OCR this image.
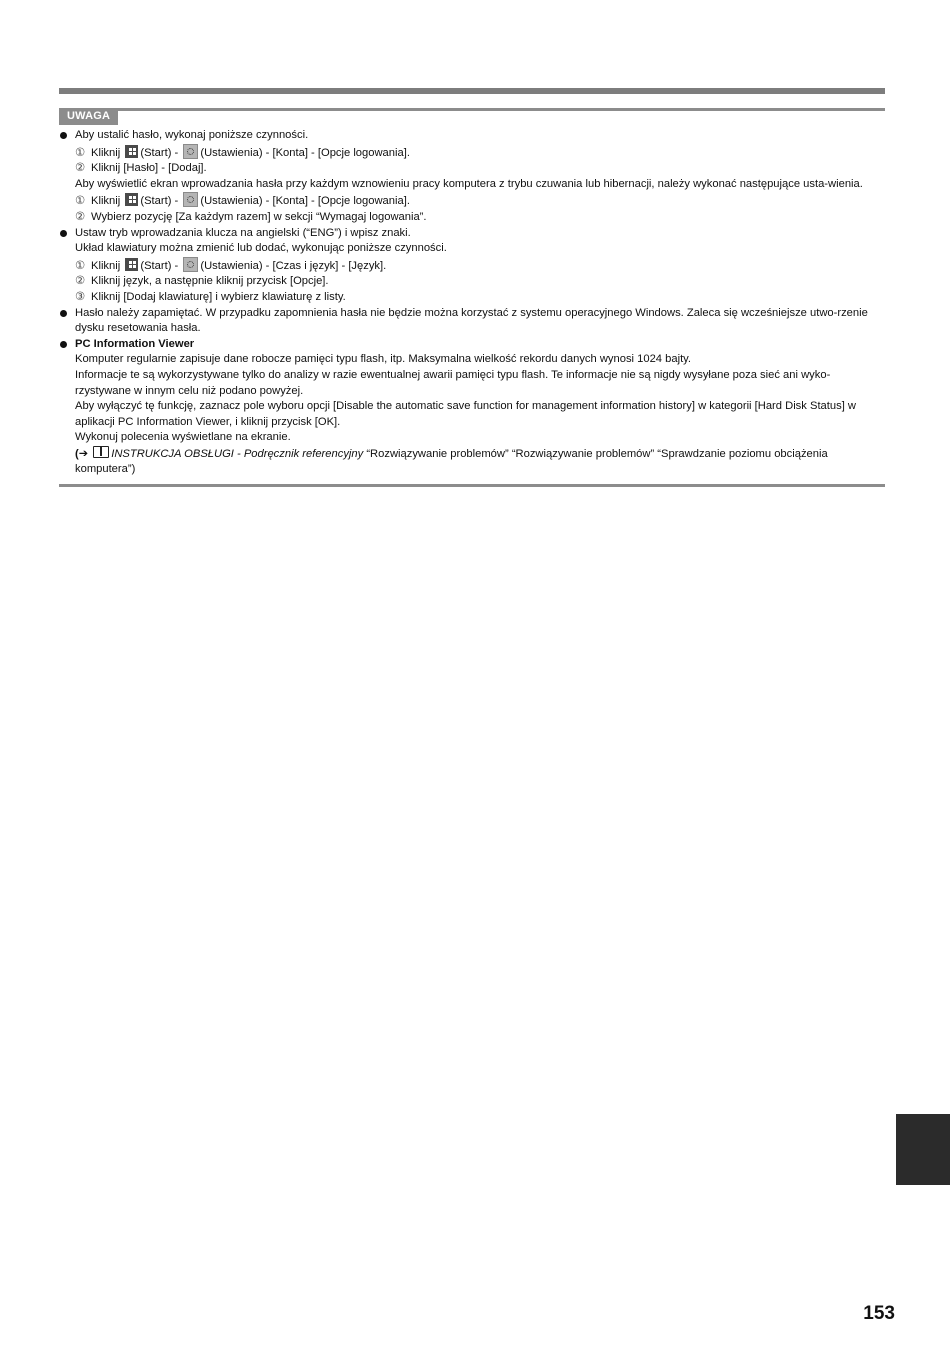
UWAGA
Aby ustalić hasło, wykonaj poniższe czynności.
① Kliknij (Start) - (Ustawienia) - [Konta] - [Opcje logowania].
② Kliknij [Hasło] - [Dodaj].
Aby wyświetlić ekran wprowadzania hasła przy każdym wznowieniu pracy komputera z trybu czuwania lub hibernacji, należy wykonać następujące usta-wienia.
① Kliknij (Start) - (Ustawienia) - [Konta] - [Opcje logowania].
② Wybierz pozycję [Za każdym razem] w sekcji “Wymagaj logowania”.
Ustaw tryb wprowadzania klucza na angielski (“ENG”) i wpisz znaki.
Układ klawiatury można zmienić lub dodać, wykonując poniższe czynności.
① Kliknij (Start) - (Ustawienia) - [Czas i język] - [Język].
② Kliknij język, a następnie kliknij przycisk [Opcje].
③ Kliknij [Dodaj klawiaturę] i wybierz klawiaturę z listy.
Hasło należy zapamiętać. W przypadku zapomnienia hasła nie będzie można korzystać z systemu operacyjnego Windows. Zaleca się wcześniejsze utwo-rzenie dysku resetowania hasła.
PC Information Viewer
Komputer regularnie zapisuje dane robocze pamięci typu flash, itp. Maksymalna wielkość rekordu danych wynosi 1024 bajty.
Informacje te są wykorzystywane tylko do analizy w razie ewentualnej awarii pamięci typu flash. Te informacje nie są nigdy wysyłane poza sieć ani wyko-rzystywane w innym celu niż podano powyżej.
Aby wyłączyć tę funkcję, zaznacz pole wyboru opcji [Disable the automatic save function for management information history] w kategorii [Hard Disk Status] w aplikacji PC Information Viewer, i kliknij przycisk [OK].
Wykonuj polecenia wyświetlane na ekranie.
(➔ INSTRUKCJA OBSŁUGI - Podręcznik referencyjny “Rozwiązywanie problemów” “Rozwiązywanie problemów” “Sprawdzanie poziomu obciążenia komputera”)
153
